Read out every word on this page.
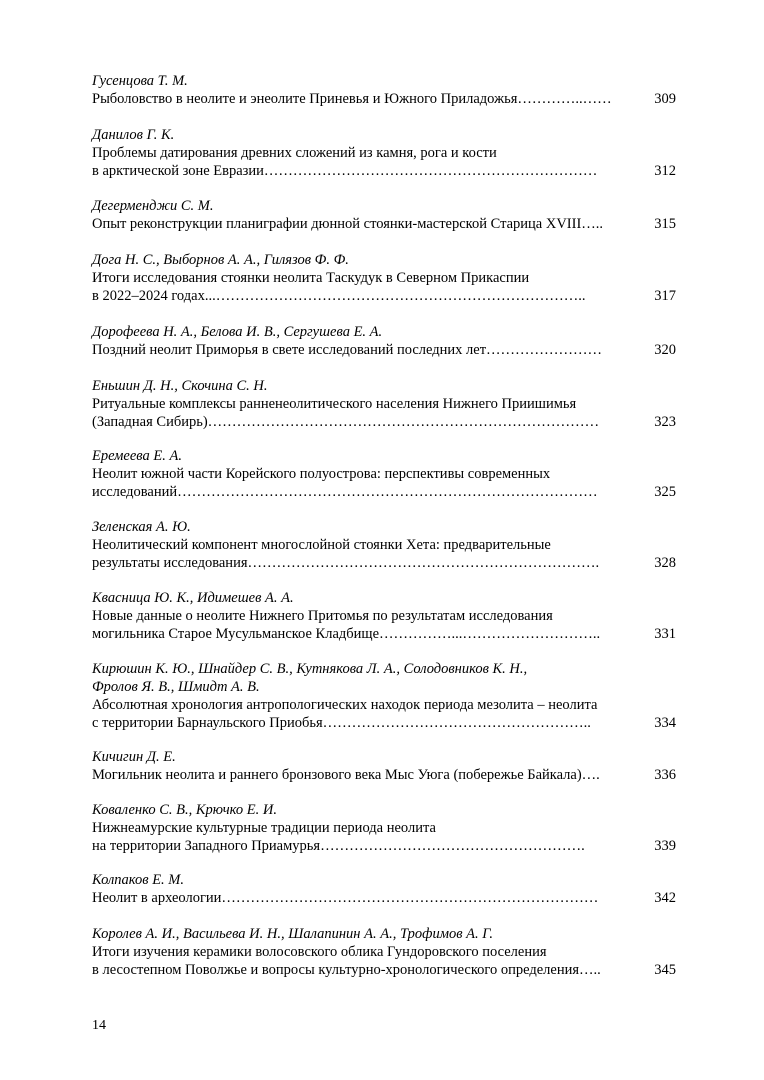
Гусенцова Т. М.
Рыболовство в неолите и энеолите Приневья и Южного Приладожья…………..……	309
Данилов Г. К.
Проблемы датирования древних сложений из камня, рога и кости
в арктической зоне Евразии……………………………………………………………	312
Дегерменджи С. М.
Опыт реконструкции планиграфии дюнной стоянки-мастерской Старица XVIII…..	315
Дога Н. С., Выборнов А. А., Гилязов Ф. Ф.
Итоги исследования стоянки неолита Таскудук в Северном Прикаспии
в 2022–2024 годах...…………………………………………………………………..	317
Дорофеева Н. А., Белова И. В., Сергушева Е. А.
Поздний неолит Приморья в свете исследований последних лет……………………	320
Еньшин Д. Н., Скочина С. Н.
Ритуальные комплексы ранненеолитического населения Нижнего Приишимья
(Западная Сибирь)………………………………………………………………………	323
Еремеева Е. А.
Неолит южной части Корейского полуострова: перспективы современных
исследований……………………………………………………………………………	325
Зеленская А. Ю.
Неолитический компонент многослойной стоянки Хета: предварительные
результаты исследования……………………………………………………………….	328
Квасница Ю. К., Идимешев А. А.
Новые данные о неолите Нижнего Притомья по результатам исследования
могильника Старое Мусульманское Кладбище……………...………………………..	331
Кирюшин К. Ю., Шнайдер С. В., Кутнякова Л. А., Солодовников К. Н.,
Фролов Я. В., Шмидт А. В.
Абсолютная хронология антропологических находок периода мезолита – неолита
с территории Барнаульского Приобья………………………………………………..	334
Кичигин Д. Е.
Могильник неолита и раннего бронзового века Мыс Уюга (побережье Байкала)….	336
Коваленко С. В., Крючко Е. И.
Нижнеамурские культурные традиции периода неолита
на территории Западного Приамурья……………………………………………….	339
Колпаков Е. М.
Неолит в археологии……………………………………………………………………	342
Королев А. И., Васильева И. Н., Шалапинин А. А., Трофимов А. Г.
Итоги изучения керамики волосовского облика Гундоровского поселения
в лесостепном Поволжье и вопросы культурно-хронологического определения…..	345
14
